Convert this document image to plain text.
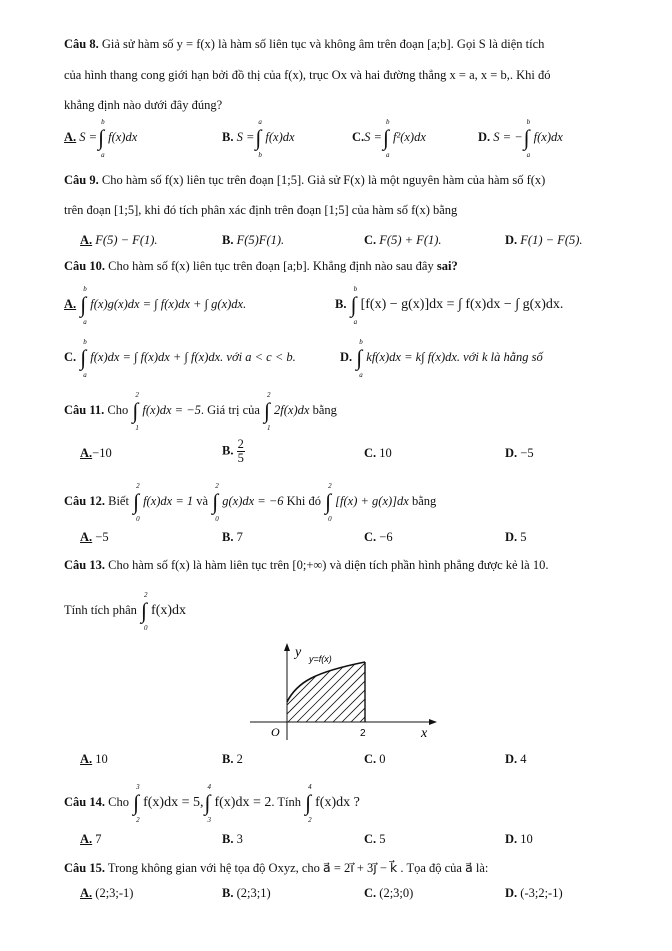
Câu 8. Giả sử hàm số y = f(x) là hàm số liên tục và không âm trên đoạn [a;b]. Gọi S là diện tích
của hình thang cong giới hạn bởi đồ thị của f(x), trục Ox và hai đường thẳng x = a, x = b,. Khi đó
khẳng định nào dưới đây đúng?
A. S =
b
∫
a
f(x)dx	B. S =
a
∫
b
f(x)dx	C.S =
b
∫
a
f²(x)dx	D. S = −
b
∫
a
f(x)dx
Câu 9. Cho hàm số f(x) liên tục trên đoạn [1;5]. Giả sử F(x) là một nguyên hàm của hàm số f(x)
trên đoạn [1;5], khi đó tích phân xác định trên đoạn [1;5] của hàm số f(x) bằng
A. F(5) − F(1).	B. F(5)F(1).	C. F(5) + F(1).	D. F(1) − F(5).
Câu 10. Cho hàm số f(x) liên tục trên đoạn [a;b]. Khẳng định nào sau đây sai?
A.
b
∫
a
f(x)g(x)dx = ∫ f(x)dx + ∫ g(x)dx.	B.
b
∫
a
[f(x) − g(x)]dx = ∫ f(x)dx − ∫ g(x)dx.
C.
b
∫
a
f(x)dx = ∫ f(x)dx + ∫ f(x)dx. với a < c < b.	D.
b
∫
a
kf(x)dx = k∫ f(x)dx. với k là hằng số
Câu 11. Cho
2
∫
1
f(x)dx = −5. Giá trị của
2
∫
1
2f(x)dx bằng
A.−10	B. $\frac{2}{5}$	C. 10	D. −5
Câu 12. Biết
2
∫
0
f(x)dx = 1 và
2
∫
0
g(x)dx = −6 Khi đó
2
∫
0
[f(x) + g(x)]dx bằng
A. −5	B. 7	C. −6	D. 5
Câu 13. Cho hàm số f(x) là hàm liên tục trên [0;+∞) và diện tích phần hình phẳng được kẻ là 10.
Tính tích phân
2
∫
0
f(x)dx
y y=f(x)
O	2	x
A. 10	B. 2	C. 0	D. 4
Câu 14. Cho
3
∫
2
f(x)dx = 5,
4
∫
3
f(x)dx = 2. Tính
4
∫
2
f(x)dx ?
A. 7	B. 3	C. 5	D. 10
Câu 15. Trong không gian với hệ tọa độ Oxyz, cho a⃗ = 2i⃗ + 3j⃗ − k⃗ . Tọa độ của a⃗ là:
A. (2;3;-1)	B. (2;3;1)	C. (2;3;0)	D. (-3;2;-1)
